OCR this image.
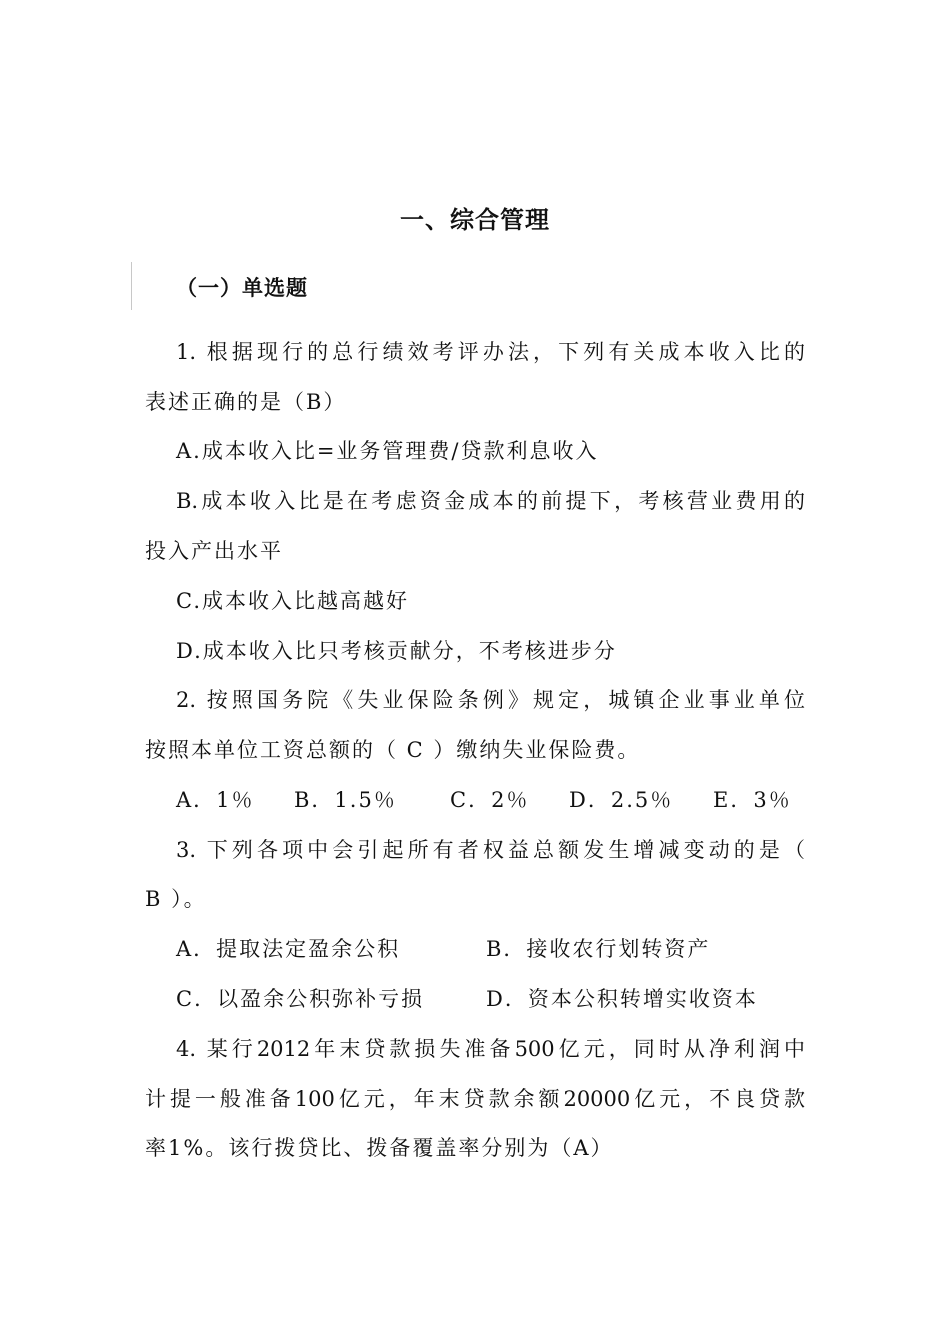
一、综合管理
（一）单选题
1. 根据现行的总行绩效考评办法，下列有关成本收入比的
表述正确的是（B）
A.成本收入比=业务管理费/贷款利息收入
B.成本收入比是在考虑资金成本的前提下，考核营业费用的
投入产出水平
C.成本收入比越高越好
D.成本收入比只考核贡献分，不考核进步分
2. 按照国务院《失业保险条例》规定，城镇企业事业单位
按照本单位工资总额的（ C ）缴纳失业保险费。
A．1％ B．1.5％	C．2％ D．2.5％ E．3％
3. 下列各项中会引起所有者权益总额发生增减变动的是（
B ）。
A．提取法定盈余公积	B．接收农行划转资产
C．以盈余公积弥补亏损	D．资本公积转增实收资本
4. 某行2012年末贷款损失准备500亿元，同时从净利润中
计提一般准备100亿元，年末贷款余额20000亿元，不良贷款
率1%。该行拨贷比、拨备覆盖率分别为（A）
